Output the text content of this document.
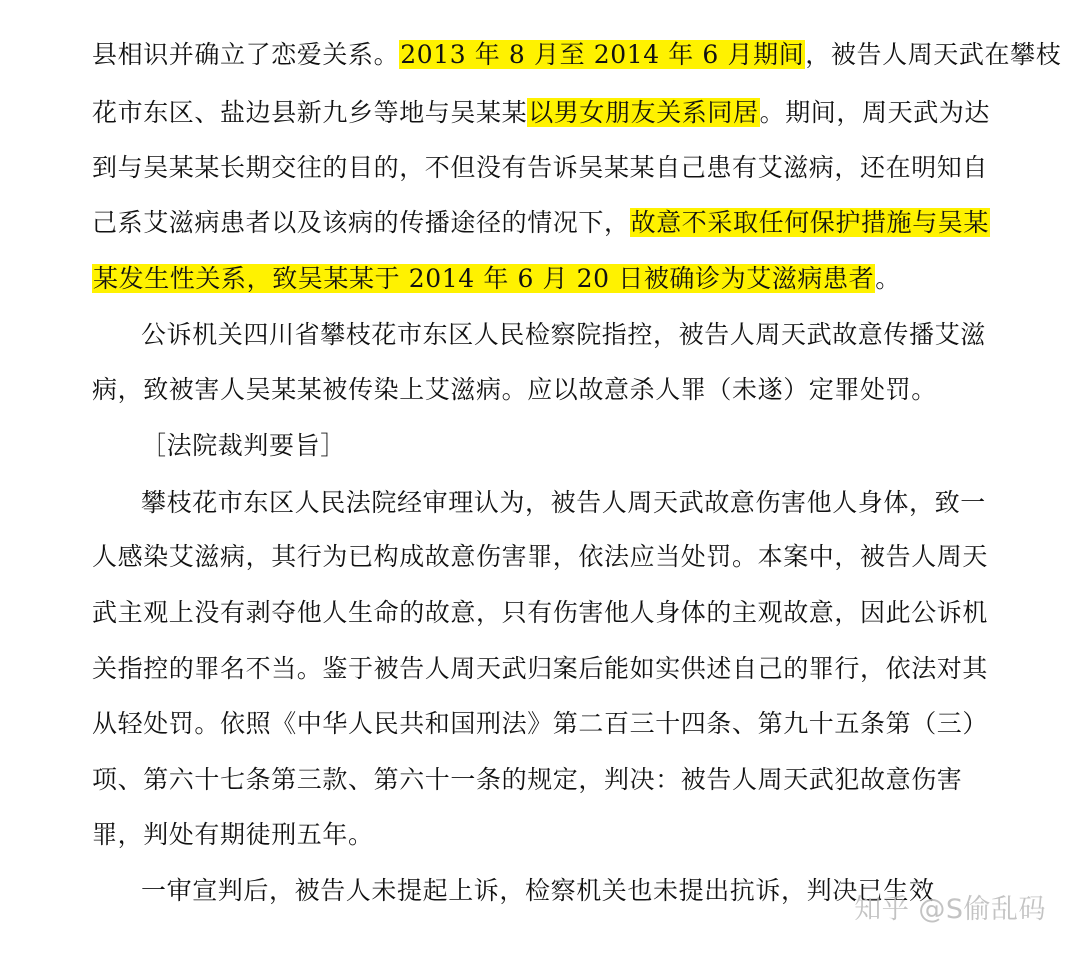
县相识并确立了恋爱关系。2013 年 8 月至 2014 年 6 月期间，被告人周天武在攀枝
花市东区、盐边县新九乡等地与吴某某以男女朋友关系同居。期间，周天武为达
到与吴某某长期交往的目的，不但没有告诉吴某某自己患有艾滋病，还在明知自
己系艾滋病患者以及该病的传播途径的情况下，故意不采取任何保护措施与吴某
某发生性关系，致吴某某于 2014 年 6 月 20 日被确诊为艾滋病患者。
公诉机关四川省攀枝花市东区人民检察院指控，被告人周天武故意传播艾滋
病，致被害人吴某某被传染上艾滋病。应以故意杀人罪（未遂）定罪处罚。
［法院裁判要旨］
攀枝花市东区人民法院经审理认为，被告人周天武故意伤害他人身体，致一
人感染艾滋病，其行为已构成故意伤害罪，依法应当处罚。本案中，被告人周天
武主观上没有剥夺他人生命的故意，只有伤害他人身体的主观故意，因此公诉机
关指控的罪名不当。鉴于被告人周天武归案后能如实供述自己的罪行，依法对其
从轻处罚。依照《中华人民共和国刑法》第二百三十四条、第九十五条第（三）
项、第六十七条第三款、第六十一条的规定，判决：被告人周天武犯故意伤害
罪，判处有期徒刑五年。
一审宣判后，被告人未提起上诉，检察机关也未提出抗诉，判决已生效
知乎 @S偷乱码
